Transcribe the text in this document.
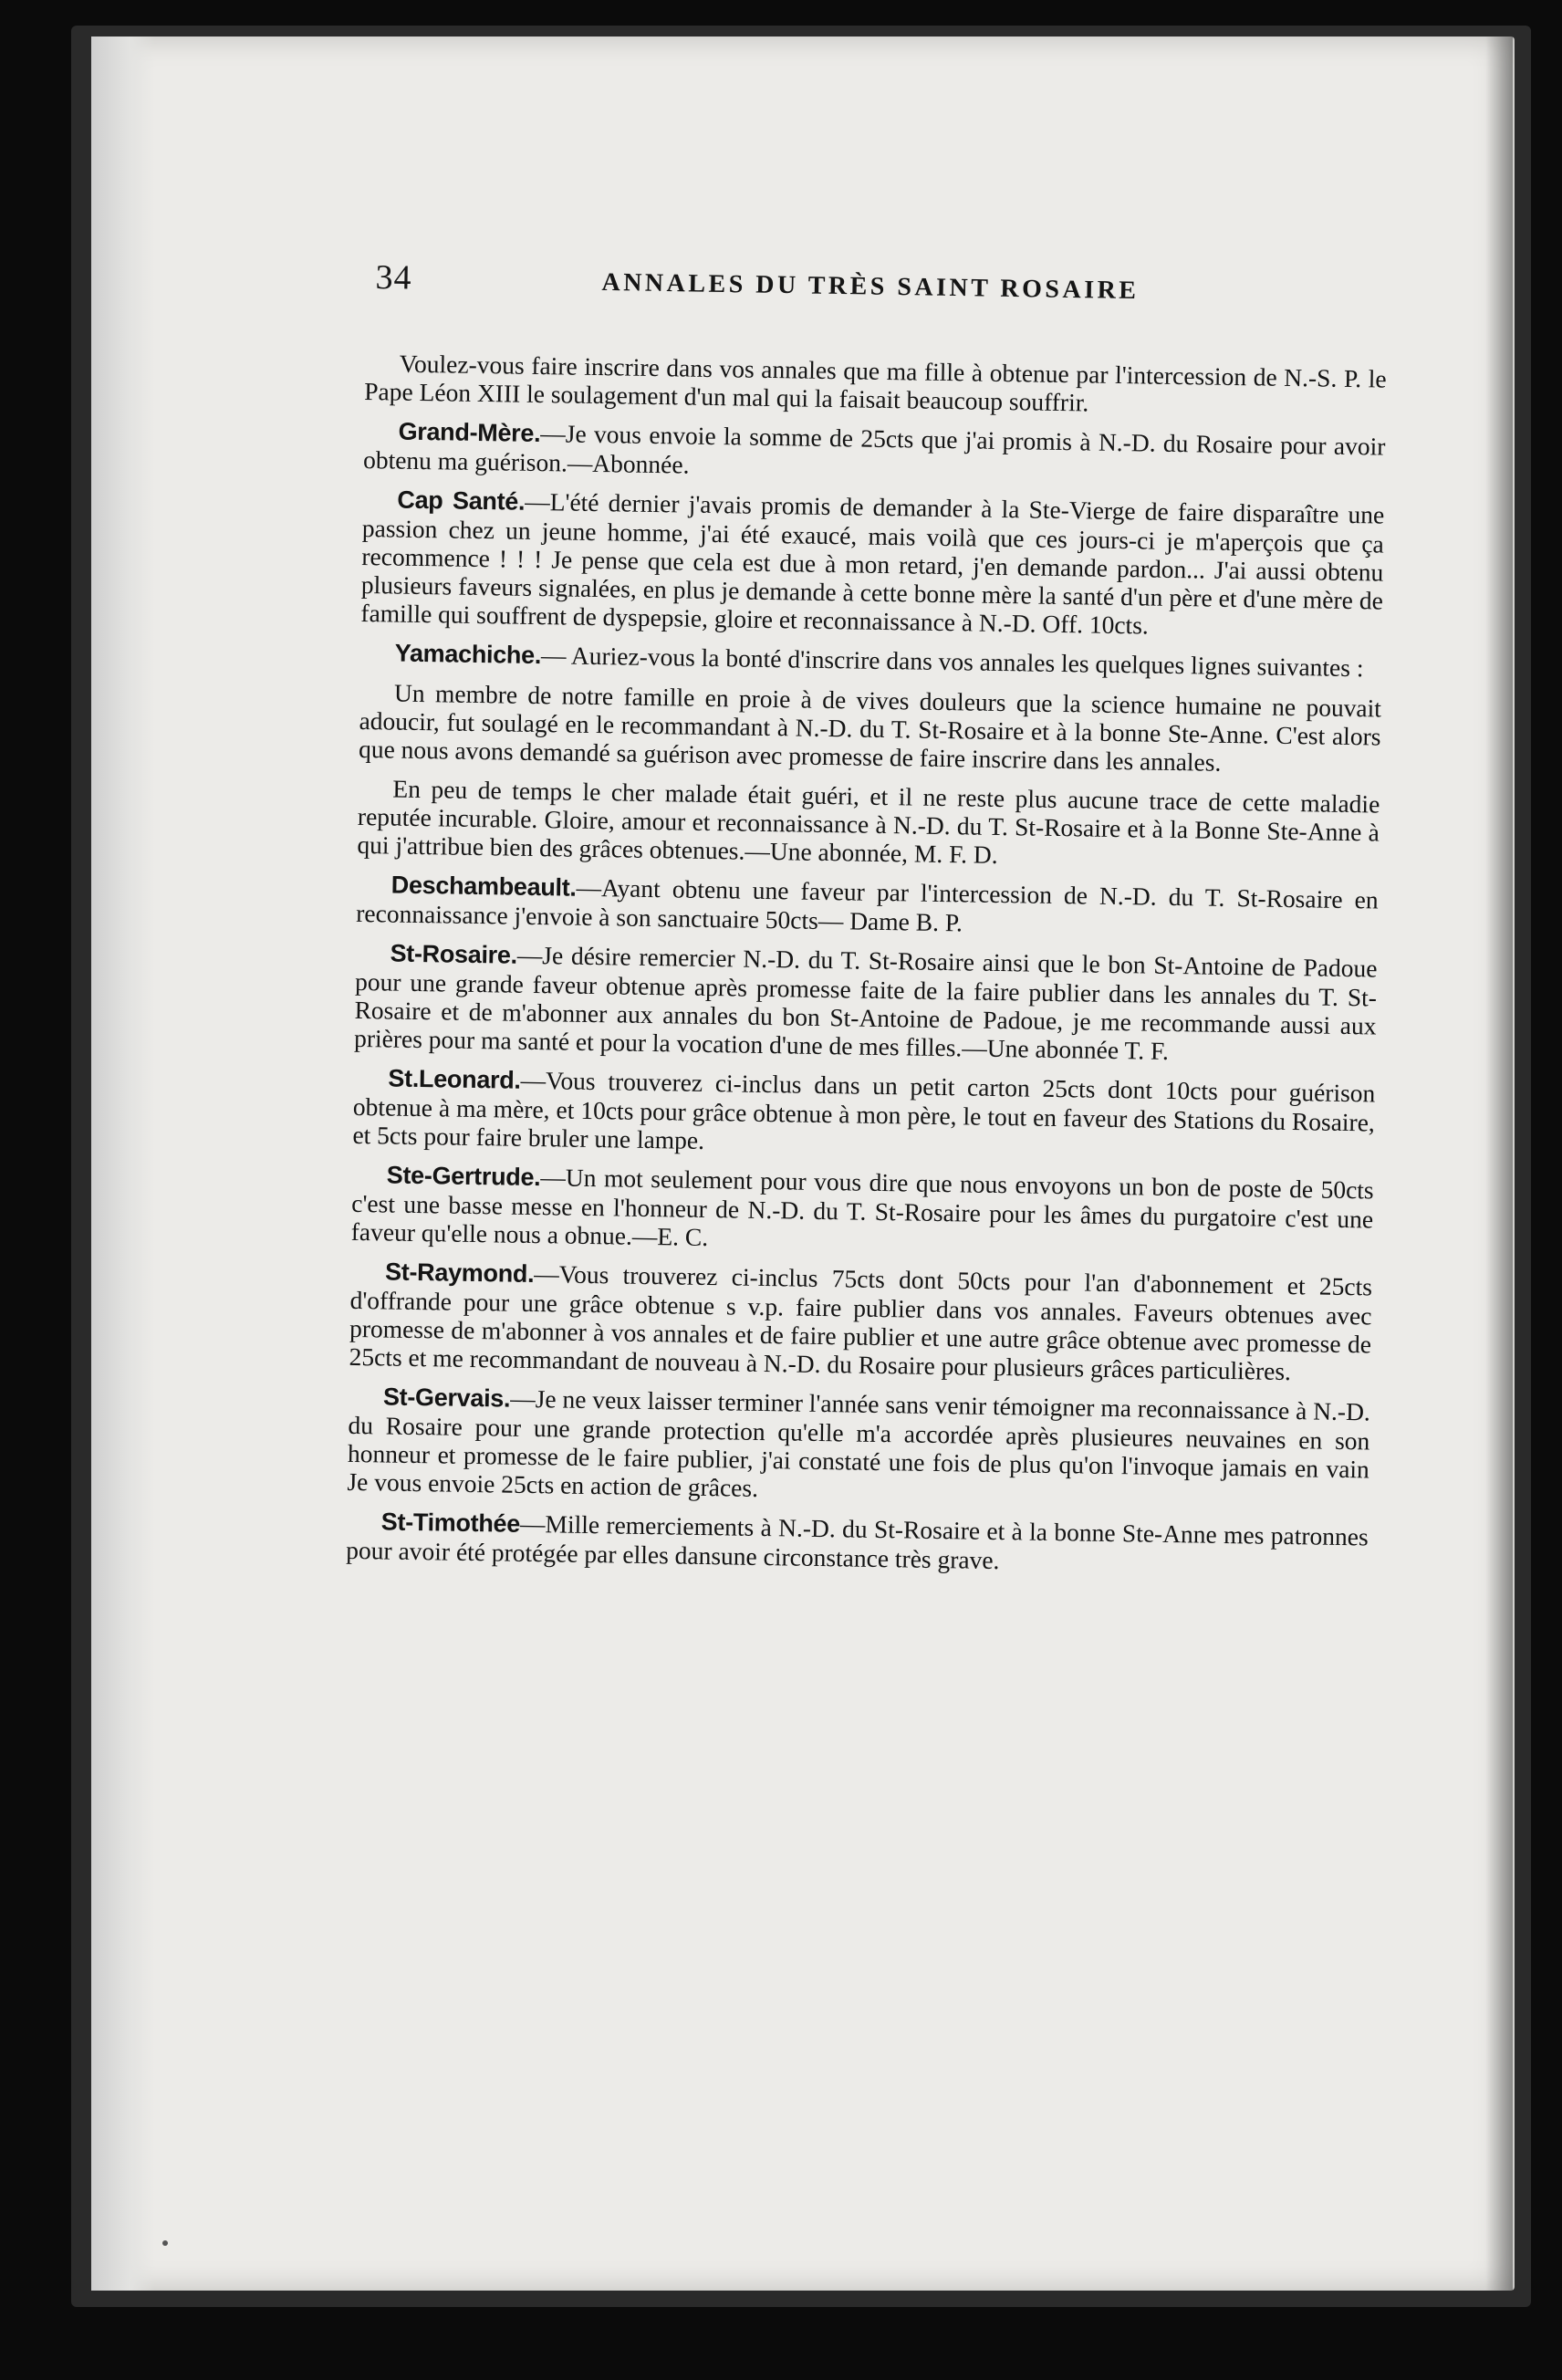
34	ANNALES DU TRÈS SAINT ROSAIRE

Voulez-vous faire inscrire dans vos annales que ma fille à obtenue par l'intercession de N.-S. P. le Pape Léon XIII le soulagement d'un mal qui la faisait beaucoup souffrir.

Grand-Mère.—Je vous envoie la somme de 25cts que j'ai promis à N.-D. du Rosaire pour avoir obtenu ma guérison.—Abonnée.

Cap Santé.—L'été dernier j'avais promis de demander à la Ste-Vierge de faire disparaître une passion chez un jeune homme, j'ai été exaucé, mais voilà que ces jours-ci je m'aperçois que ça recommence ! ! ! Je pense que cela est due à mon retard, j'en demande pardon... J'ai aussi obtenu plusieurs faveurs signalées, en plus je demande à cette bonne mère la santé d'un père et d'une mère de famille qui souffrent de dyspepsie, gloire et reconnaissance à N.-D. Off. 10cts.

Yamachiche.— Auriez-vous la bonté d'inscrire dans vos annales les quelques lignes suivantes :

Un membre de notre famille en proie à de vives douleurs que la science humaine ne pouvait adoucir, fut soulagé en le recommandant à N.-D. du T. St-Rosaire et à la bonne Ste-Anne. C'est alors que nous avons demandé sa guérison avec promesse de faire inscrire dans les annales.

En peu de temps le cher malade était guéri, et il ne reste plus aucune trace de cette maladie reputée incurable. Gloire, amour et reconnaissance à N.-D. du T. St-Rosaire et à la Bonne Ste-Anne à qui j'attribue bien des grâces obtenues.—Une abonnée, M. F. D.

Deschambeault.—Ayant obtenu une faveur par l'intercession de N.-D. du T. St-Rosaire en reconnaissance j'envoie à son sanctuaire 50cts— Dame B. P.

St-Rosaire.—Je désire remercier N.-D. du T. St-Rosaire ainsi que le bon St-Antoine de Padoue pour une grande faveur obtenue après promesse faite de la faire publier dans les annales du T. St-Rosaire et de m'abonner aux annales du bon St-Antoine de Padoue, je me recommande aussi aux prières pour ma santé et pour la vocation d'une de mes filles.—Une abonnée T. F.

St.Leonard.—Vous trouverez ci-inclus dans un petit carton 25cts dont 10cts pour guérison obtenue à ma mère, et 10cts pour grâce obtenue à mon père, le tout en faveur des Stations du Rosaire, et 5cts pour faire bruler une lampe.

Ste-Gertrude.—Un mot seulement pour vous dire que nous envoyons un bon de poste de 50cts c'est une basse messe en l'honneur de N.-D. du T. St-Rosaire pour les âmes du purgatoire c'est une faveur qu'elle nous a obnue.—E. C.

St-Raymond.—Vous trouverez ci-inclus 75cts dont 50cts pour l'an d'abonnement et 25cts d'offrande pour une grâce obtenue s v.p. faire publier dans vos annales. Faveurs obtenues avec promesse de m'abonner à vos annales et de faire publier et une autre grâce obtenue avec promesse de 25cts et me recommandant de nouveau à N.-D. du Rosaire pour plusieurs grâces particulières.

St-Gervais.—Je ne veux laisser terminer l'année sans venir témoigner ma reconnaissance à N.-D. du Rosaire pour une grande protection qu'elle m'a accordée après plusieures neuvaines en son honneur et promesse de le faire publier, j'ai constaté une fois de plus qu'on l'invoque jamais en vain Je vous envoie 25cts en action de grâces.

St-Timothée—Mille remerciements à N.-D. du St-Rosaire et à la bonne Ste-Anne mes patronnes pour avoir été protégée par elles dansune circonstance très grave.
